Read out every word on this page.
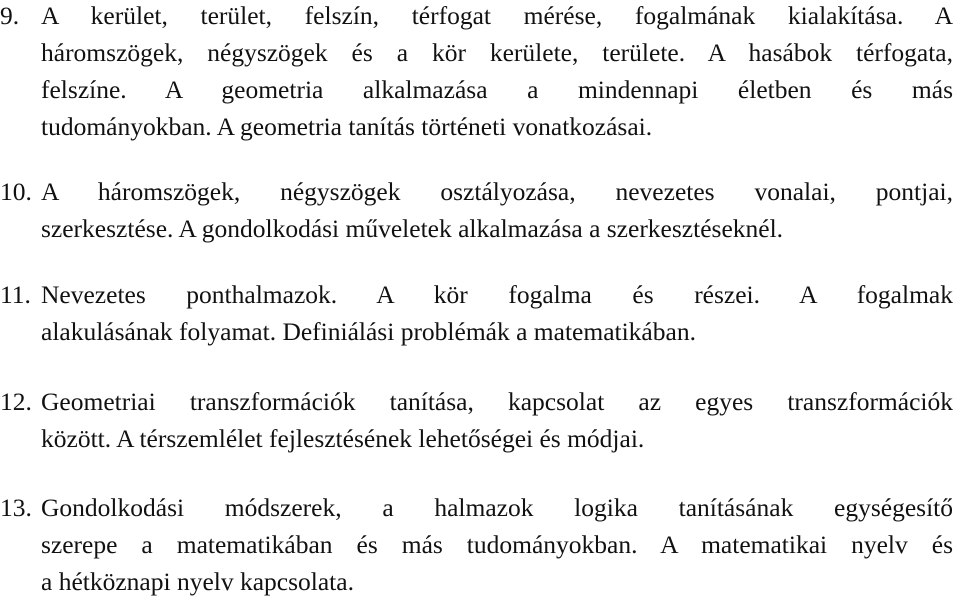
9. A kerület, terület, felszín, térfogat mérése, fogalmának kialakítása. A
háromszögek, négyszögek és a kör kerülete, területe. A hasábok térfogata,
felszíne. A geometria alkalmazása a mindennapi életben és más
tudományokban. A geometria tanítás történeti vonatkozásai.
10. A háromszögek, négyszögek osztályozása, nevezetes vonalai, pontjai,
szerkesztése. A gondolkodási műveletek alkalmazása a szerkesztéseknél.
11. Nevezetes ponthalmazok. A kör fogalma és részei. A fogalmak
alakulásának folyamat. Definiálási problémák a matematikában.
12. Geometriai transzformációk tanítása, kapcsolat az egyes transzformációk
között. A térszemlélet fejlesztésének lehetőségei és módjai.
13. Gondolkodási módszerek, a halmazok logika tanításának egységesítő
szerepe a matematikában és más tudományokban. A matematikai nyelv és
a hétköznapi nyelv kapcsolata.
